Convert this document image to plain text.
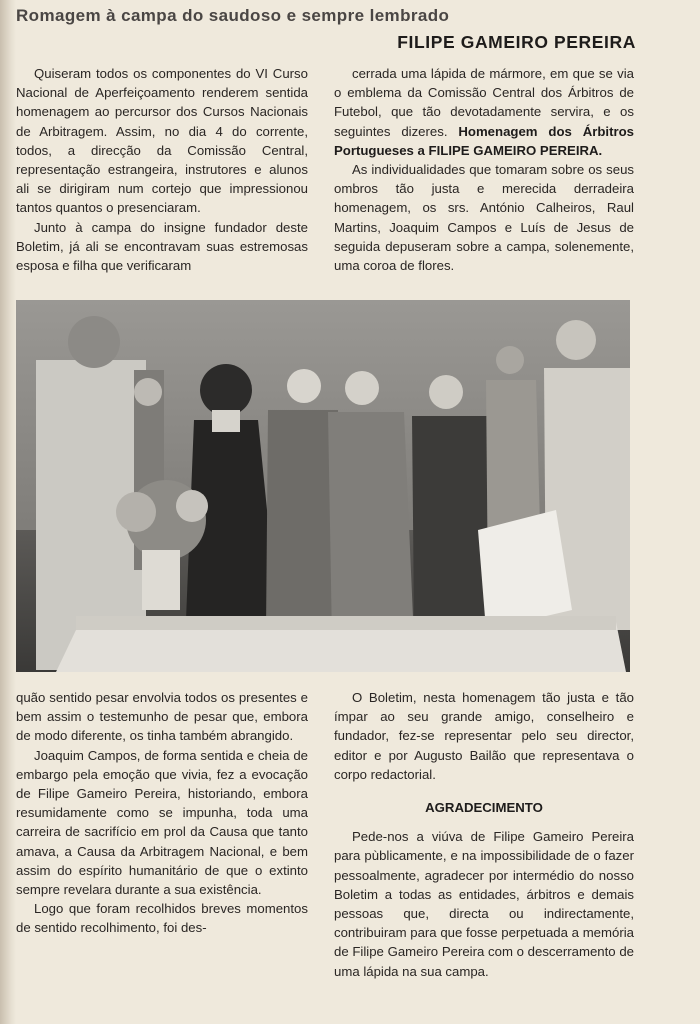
Romagem à campa do saudoso e sempre lembrado
FILIPE GAMEIRO PEREIRA

Quiseram todos os componentes do VI Curso Nacional de Aperfeiçoamento renderem sentida homenagem ao percursor dos Cursos Nacionais de Arbitragem. Assim, no dia 4 do corrente, todos, a direcção da Comissão Central, representação estrangeira, instrutores e alunos ali se dirigiram num cortejo que impressionou tantos quantos o presenciaram.

Junto à campa do insigne fundador deste Boletim, já ali se encontravam suas estremosas esposa e filha que verificaram

cerrada uma lápida de mármore, em que se via o emblema da Comissão Central dos Árbitros de Futebol, que tão devotadamente servira, e os seguintes dizeres. Homenagem dos Árbitros Portugueses a FILIPE GAMEIRO PEREIRA.

As individualidades que tomaram sobre os seus ombros tão justa e merecida derradeira homenagem, os srs. António Calheiros, Raul Martins, Joaquim Campos e Luís de Jesus de seguida depuseram sobre a campa, solenemente, uma coroa de flores.

quão sentido pesar envolvia todos os presentes e bem assim o testemunho de pesar que, embora de modo diferente, os tinha também abrangido.

Joaquim Campos, de forma sentida e cheia de embargo pela emoção que vivia, fez a evocação de Filipe Gameiro Pereira, historiando, embora resumidamente como se impunha, toda uma carreira de sacrifício em prol da Causa que tanto amava, a Causa da Arbitragem Nacional, e bem assim do espírito humanitário de que o extinto sempre revelara durante a sua existência.

Logo que foram recolhidos breves momentos de sentido recolhimento, foi des-

O Boletim, nesta homenagem tão justa e tão ímpar ao seu grande amigo, conselheiro e fundador, fez-se representar pelo seu director, editor e por Augusto Bailão que representava o corpo redactorial.

AGRADECIMENTO

Pede-nos a viúva de Filipe Gameiro Pereira para pùblicamente, e na impossibilidade de o fazer pessoalmente, agradecer por intermédio do nosso Boletim a todas as entidades, árbitros e demais pessoas que, directa ou indirectamente, contribuiram para que fosse perpetuada a memória de Filipe Gameiro Pereira com o descerramento de uma lápida na sua campa.
